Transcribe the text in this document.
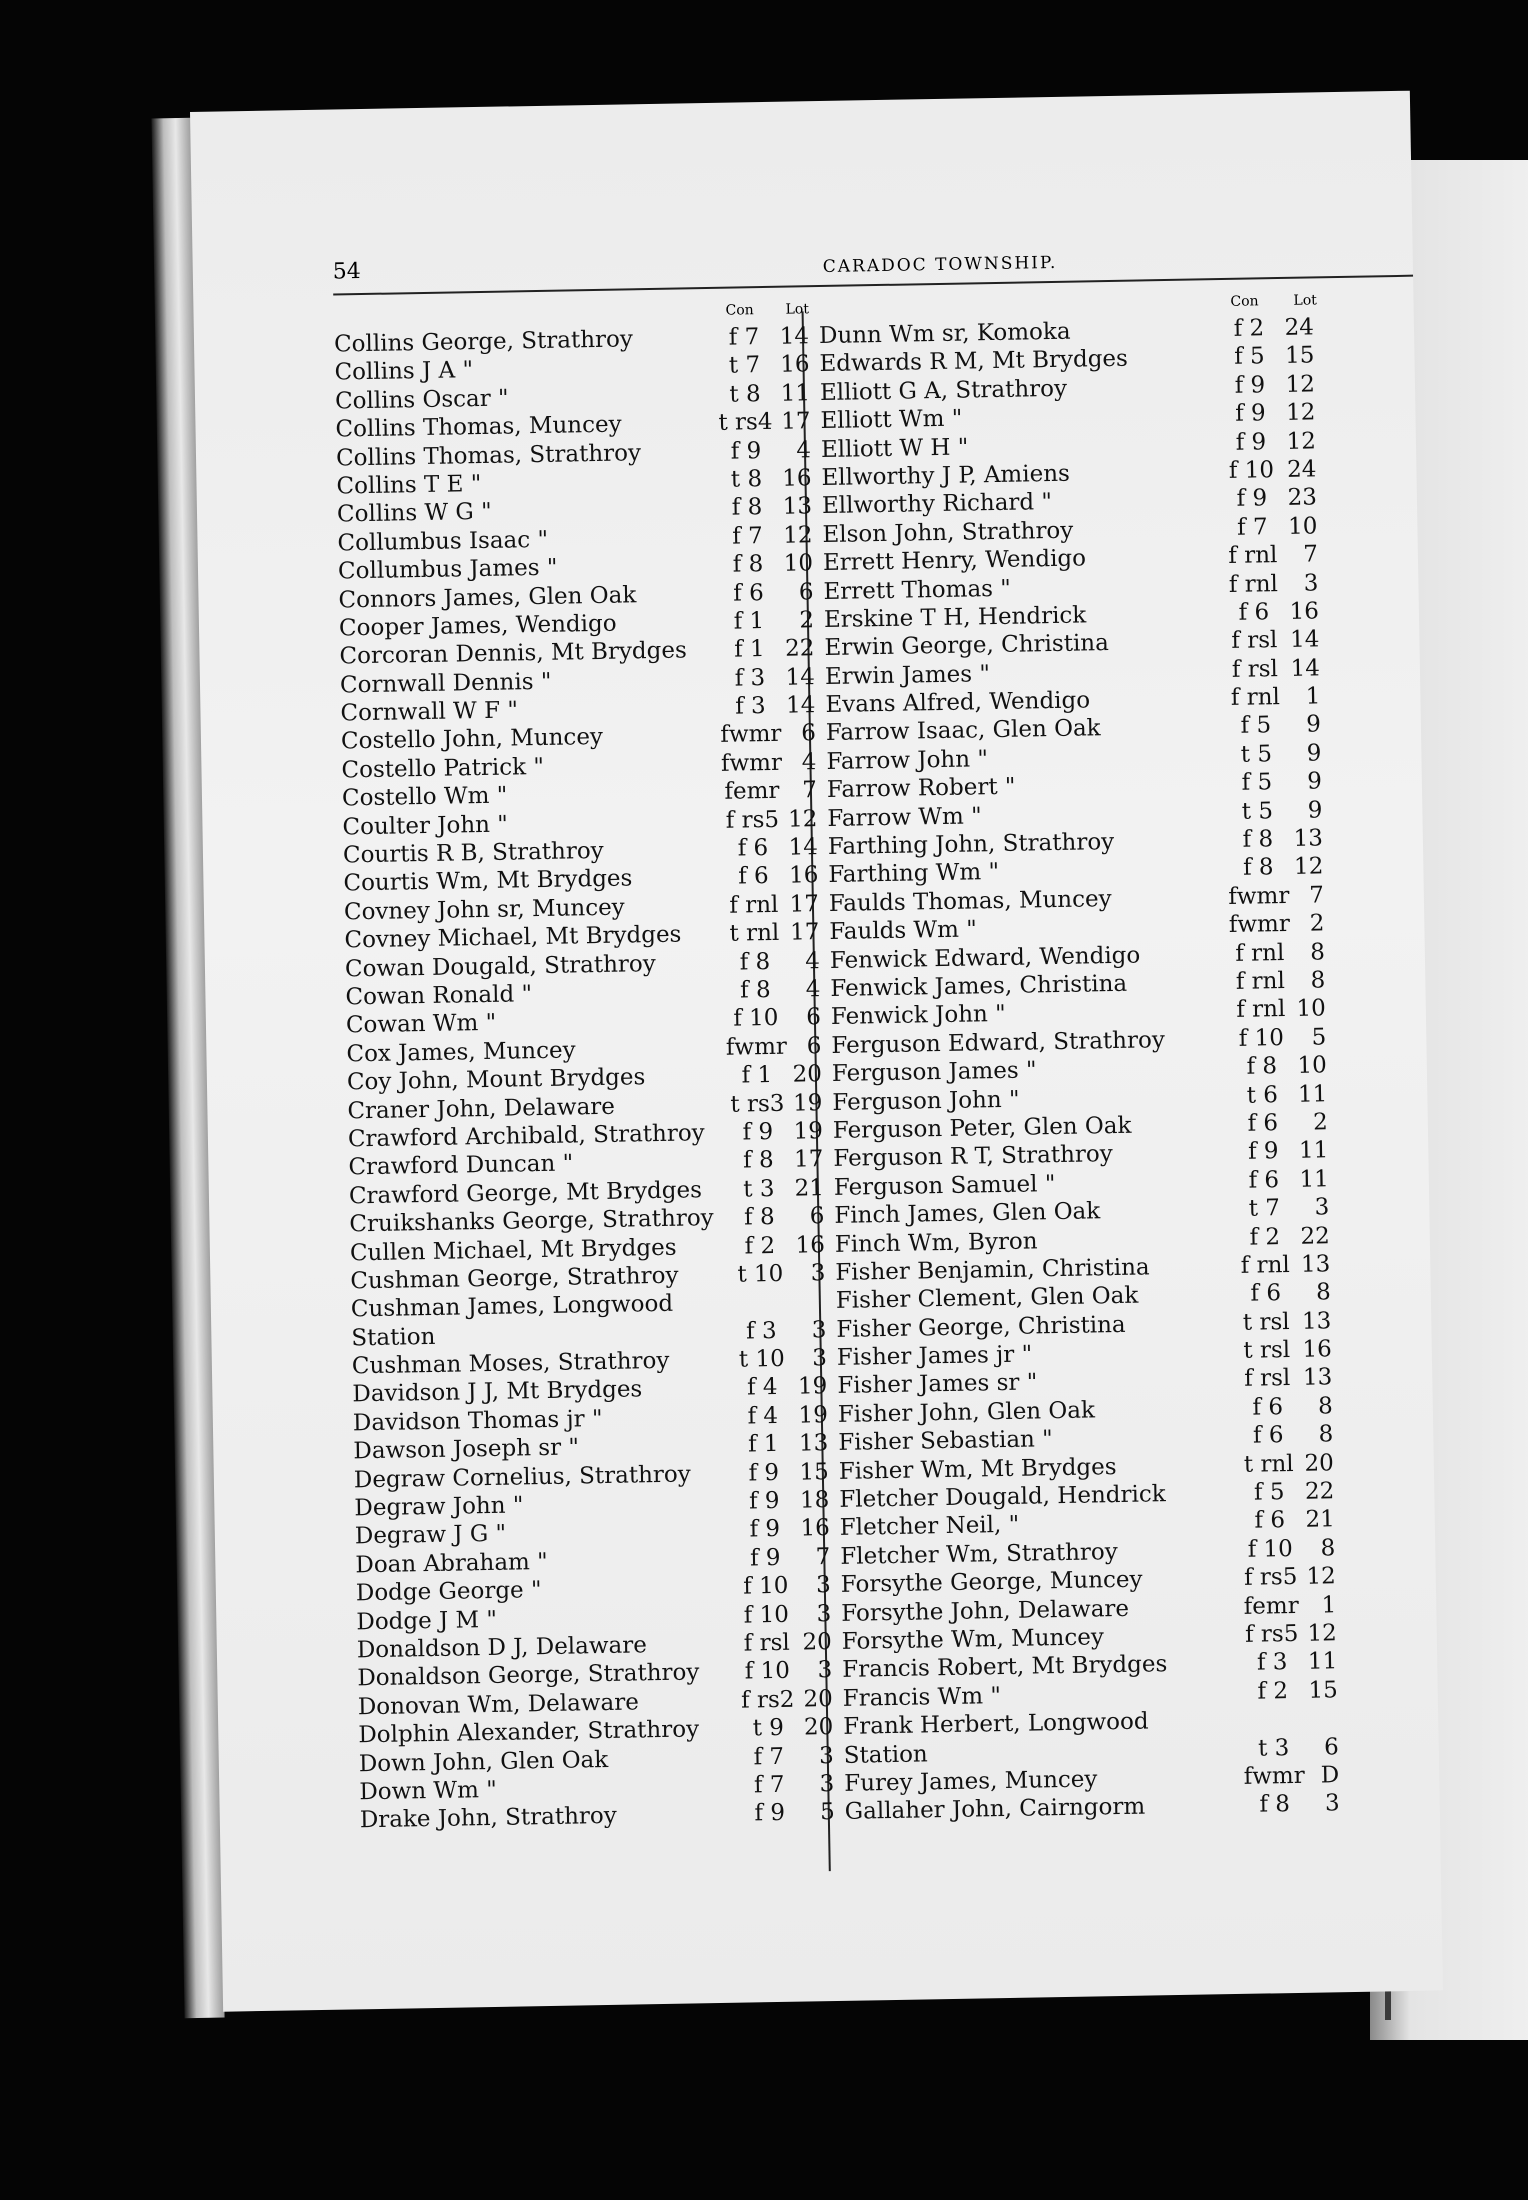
54	CARADOC TOWNSHIP.
Con Lot
Collins George, Strathroy	f 7 14
Collins J A "	t 7 16
Collins Oscar "	t 8 11
Collins Thomas, Muncey	t rs4 17
Collins Thomas, Strathroy	f 9	4
Collins T E "	t 8 16
Collins W G "	f 8 13
Collumbus Isaac "	f 7 12
Collumbus James "	f 8 10
Connors James, Glen Oak	f 6	6
Cooper James, Wendigo	f 1	2
Corcoran Dennis, Mt Brydges	f 1 22
Cornwall Dennis "	f 3 14
Cornwall W F "	f 3 14
Costello John, Muncey	fwmr 6
Costello Patrick "	fwmr 4
Costello Wm "	femr 7
Coulter John "	f rs5 12
Courtis R B, Strathroy	f 6 14
Courtis Wm, Mt Brydges	f 6 16
Covney John sr, Muncey	f rnl 17
Covney Michael, Mt Brydges	t rnl 17
Cowan Dougald, Strathroy	f 8	4
Cowan Ronald "	f 8	4
Cowan Wm "	f 10	6
Cox James, Muncey	fwmr 6
Coy John, Mount Brydges	f 1 20
Craner John, Delaware	t rs3 19
Crawford Archibald, Strathroy	f 9 19
Crawford Duncan "	f 8 17
Crawford George, Mt Brydges	t 3 21
Cruikshanks George, Strathroy	f 8	6
Cullen Michael, Mt Brydges	f 2 16
Cushman George, Strathroy	t 10	3
Cushman James, Longwood
Station	f 3	3
Cushman Moses, Strathroy	t 10	3
Davidson J J, Mt Brydges	f 4 19
Davidson Thomas jr "	f 4 19
Dawson Joseph sr "	f 1 13
Degraw Cornelius, Strathroy	f 9 15
Degraw John "	f 9 18
Degraw J G "	f 9 16
Doan Abraham "	f 9	7
Dodge George "	f 10	3
Dodge J M "	f 10	3
Donaldson D J, Delaware	f rsl 20
Donaldson George, Strathroy	f 10	3
Donovan Wm, Delaware	f rs2 20
Dolphin Alexander, Strathroy	t 9 20
Down John, Glen Oak	f 7	3
Down Wm "	f 7	3
Drake John, Strathroy	f 9	5
Con Lot
Dunn Wm sr, Komoka	f 2 24
Edwards R M, Mt Brydges	f 5 15
Elliott G A, Strathroy	f 9 12
Elliott Wm "	f 9 12
Elliott W H "	f 9 12
Ellworthy J P, Amiens	f 10 24
Ellworthy Richard "	f 9 23
Elson John, Strathroy	f 7 10
Errett Henry, Wendigo	f rnl	7
Errett Thomas "	f rnl	3
Erskine T H, Hendrick	f 6 16
Erwin George, Christina	f rsl 14
Erwin James "	f rsl 14
Evans Alfred, Wendigo	f rnl	1
Farrow Isaac, Glen Oak	f 5	9
Farrow John "	t 5	9
Farrow Robert "	f 5	9
Farrow Wm "	t 5	9
Farthing John, Strathroy	f 8 13
Farthing Wm "	f 8 12
Faulds Thomas, Muncey	fwmr 7
Faulds Wm "	fwmr 2
Fenwick Edward, Wendigo	f rnl	8
Fenwick James, Christina	f rnl	8
Fenwick John "	f rnl 10
Ferguson Edward, Strathroy	f 10	5
Ferguson James "	f 8 10
Ferguson John "	t 6 11
Ferguson Peter, Glen Oak	f 6	2
Ferguson R T, Strathroy	f 9 11
Ferguson Samuel "	f 6 11
Finch James, Glen Oak	t 7	3
Finch Wm, Byron	f 2 22
Fisher Benjamin, Christina	f rnl 13
Fisher Clement, Glen Oak	f 6	8
Fisher George, Christina	t rsl 13
Fisher James jr "	t rsl 16
Fisher James sr "	f rsl 13
Fisher John, Glen Oak	f 6	8
Fisher Sebastian "	f 6	8
Fisher Wm, Mt Brydges	t rnl 20
Fletcher Dougald, Hendrick	f 5 22
Fletcher Neil, "	f 6 21
Fletcher Wm, Strathroy	f 10	8
Forsythe George, Muncey	f rs5 12
Forsythe John, Delaware	femr 1
Forsythe Wm, Muncey	f rs5 12
Francis Robert, Mt Brydges	f 3 11
Francis Wm "	f 2 15
Frank Herbert, Longwood
Station	t 3	6
Furey James, Muncey	fwmr D
Gallaher John, Cairngorm	f 8	3
